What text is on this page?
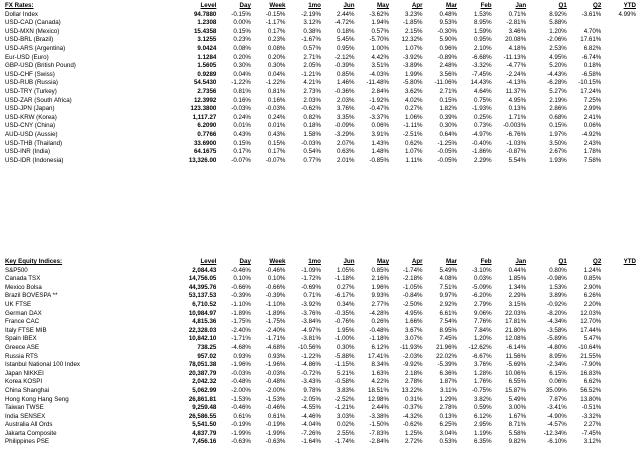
FX Rates:	Level	Day	Week	1mo	Jun	May	Apr	Mar	Feb	Jan	Q1	Q2	YTD
Dollar Index	94.7880	-0.15%	-0.15%	-2.19%	2.44%	-3.62%	3.23%	0.48%	1.53%	0.71%	8.92%	-3.61%	4.99%
USD-CAD (Canada)	1.2308	0.00%	-1.17%	3.12%	-4.72%	1.94%	-1.85%	9.53%	8.95%	-2.81%	5.88%		
USD-MXN (Mexico)	15.4358	0.15%	0.17%	0.38%	0.18%	0.57%	2.15%	-0.30%	1.59%	3.46%	1.20%	4.70%	
USD-BRL (Brazil)	3.1255	0.23%	0.23%	-1.67%	5.45%	-5.70%	12.32%	5.90%	0.95%	20.08%	-2.06%	17.61%	
USD-ARS (Argentina)	9.0424	0.08%	0.08%	0.57%	0.95%	1.00%	1.07%	0.96%	2.10%	4.18%	2.53%	6.82%	
Eur-USD (Euro)	1.1284	0.20%	0.20%	2.71%	-2.12%	4.42%	-3.92%	-0.89%	-6.68%	-11.13%	4.95%	-6.74%	
GBP-USD (British Pound)	1.5605	0.30%	0.30%	2.05%	-0.39%	3.51%	-3.89%	2.48%	-3.32%	-4.77%	5.20%	0.18%	
USD-CHF (Swiss)	0.9289	0.04%	0.04%	-1.21%	0.85%	-4.03%	1.99%	3.56%	-7.45%	-2.24%	-4.43%	-6.58%	
USD-RUB (Russia)	54.5430	-1.22%	-1.22%	4.21%	1.46%	-11.48%	-5.80%	-11.06%	14.43%	-4.13%	-6.28%	-10.15%	
USD-TRY (Turkey)	2.7356	0.81%	0.81%	2.73%	-0.36%	2.84%	3.62%	2.71%	4.64%	11.37%	5.27%	17.24%	
USD-ZAR (South Africa)	12.3992	0.16%	0.16%	2.03%	2.03%	-1.92%	4.02%	0.15%	0.75%	4.95%	2.19%	7.25%	
USD-JPN (Japan)	123.3800	-0.03%	-0.03%	-0.62%	3.76%	-0.47%	0.27%	1.82%	-1.93%	0.13%	2.86%	2.99%	
USD-KRW (Korea)	1,117.27	0.24%	0.24%	0.82%	3.35%	-3.37%	1.06%	0.39%	0.25%	1.71%	0.68%	2.41%	
USD-CNY (China)	6.2090	0.01%	0.01%	0.18%	-0.09%	0.06%	-1.11%	0.30%	0.73%	-0.003%	0.15%	0.06%	
AUD-USD (Aussie)	0.7766	0.43%	0.43%	1.58%	-3.29%	3.91%	-2.51%	0.64%	-4.97%	-6.76%	1.97%	-4.92%	
USD-THB (Thailand)	33.6900	0.15%	0.15%	-0.03%	2.07%	1.43%	0.62%	-1.25%	-0.40%	-1.03%	3.50%	2.43%	
USD-INR (India)	64.1675	0.17%	0.17%	0.54%	0.63%	1.48%	1.07%	-0.05%	-1.86%	-0.87%	2.67%	1.78%	
USD-IDR (Indonesia)	13,326.00	-0.07%	-0.07%	0.77%	2.01%	-0.85%	1.11%	-0.05%	2.29%	5.54%	1.93%	7.58%	
Key Equity Indices:	Level	Day	Week	1mo	Jun	May	Apr	Mar	Feb	Jan	Q1	Q2	YTD
S&P500	2,084.43	-0.46%	-0.46%	-1.09%	1.05%	0.85%	-1.74%	5.49%	-3.10%	0.44%	0.80%	1.24%	
Canada TSX	14,756.05	0.10%	0.10%	-1.72%	-1.18%	2.16%	-2.18%	4.08%	0.03%	1.85%	-0.98%	0.85%	
Mexico Bolsa	44,395.76	-0.66%	-0.66%	-0.69%	0.27%	1.96%	-1.05%	7.51%	-5.09%	1.34%	1.53%	2.90%	
Brazil BOVESPA **	53,137.53	-0.39%	-0.39%	0.71%	-6.17%	9.93%	-0.84%	9.97%	-6.20%	2.29%	3.89%	6.26%	
UK FTSE	6,710.52	-1.10%	-1.10%	-3.92%	0.34%	2.77%	-2.50%	2.92%	2.79%	3.15%	-0.92%	2.20%	
German DAX	10,984.97	-1.89%	-1.89%	-3.76%	-0.35%	-4.28%	4.95%	6.61%	9.06%	22.03%	-8.20%	12.03%	
France CAC	4,815.36	-1.75%	-1.75%	-3.84%	-0.76%	0.26%	1.66%	7.54%	7.76%	17.81%	-4.34%	12.70%	
Italy FTSE MIB	22,328.03	-2.40%	-2.40%	-4.97%	1.95%	-0.48%	3.67%	8.95%	7.84%	21.80%	-3.58%	17.44%	
Spain IBEX	10,842.10	-1.71%	-1.71%	-3.81%	-1.00%	-1.18%	3.07%	7.45%	1.20%	12.08%	-5.89%	5.47%	
Greece ASE	738.25	-4.68%	-4.68%	-10.56%	0.30%	6.12%	-11.93%	21.96%	-12.62%	-6.14%	-4.80%	-10.64%	
Russia RTS	957.02	0.93%	0.93%	-1.22%	-5.88%	17.41%	-2.03%	22.02%	-6.67%	11.56%	8.95%	21.55%	
Istanbul National 100 Index	78,051.38	-1.96%	-1.96%	-4.86%	-1.15%	8.34%	-9.92%	-5.39%	3.76%	-5.69%	-2.34%	-7.90%	
Japan NIKKEI	20,387.79	-0.03%	-0.03%	-0.72%	5.21%	1.63%	2.18%	6.36%	1.28%	10.06%	6.15%	16.83%	
Korea KOSPI	2,042.32	-0.48%	-0.48%	-3.43%	-0.58%	4.22%	2.78%	1.87%	1.76%	6.55%	0.06%	6.62%	
China Shanghai	5,062.99	-2.00%	-2.00%	9.78%	3.83%	18.51%	13.22%	3.11%	-0.75%	15.87%	35.09%	56.52%	
Hong Kong Hang Seng	26,861.81	-1.53%	-1.53%	-2.05%	-2.52%	12.98%	0.31%	1.29%	3.82%	5.49%	7.87%	13.80%	
Taiwan TWSE	9,259.48	-0.46%	-0.46%	-4.55%	-1.21%	2.44%	-0.37%	2.78%	0.59%	3.00%	-3.41%	-0.51%	
India SENSEX	26,586.55	0.61%	0.61%	-4.46%	3.03%	-3.38%	-4.32%	0.13%	6.12%	1.67%	-4.90%	-3.32%	
Australia All Ords	5,541.50	-0.19%	-0.19%	-4.04%	0.02%	-1.50%	-0.62%	6.25%	2.95%	8.71%	-4.57%	2.27%	
Jakarta Composite	4,837.79	-1.99%	-1.99%	-7.26%	2.55%	-7.83%	1.25%	3.04%	1.19%	5.58%	-12.34%	-7.45%	
Philippines PSE	7,456.16	-0.63%	-0.63%	-1.64%	-1.74%	-2.84%	2.72%	0.53%	6.35%	9.82%	-6.10%	3.12%	
